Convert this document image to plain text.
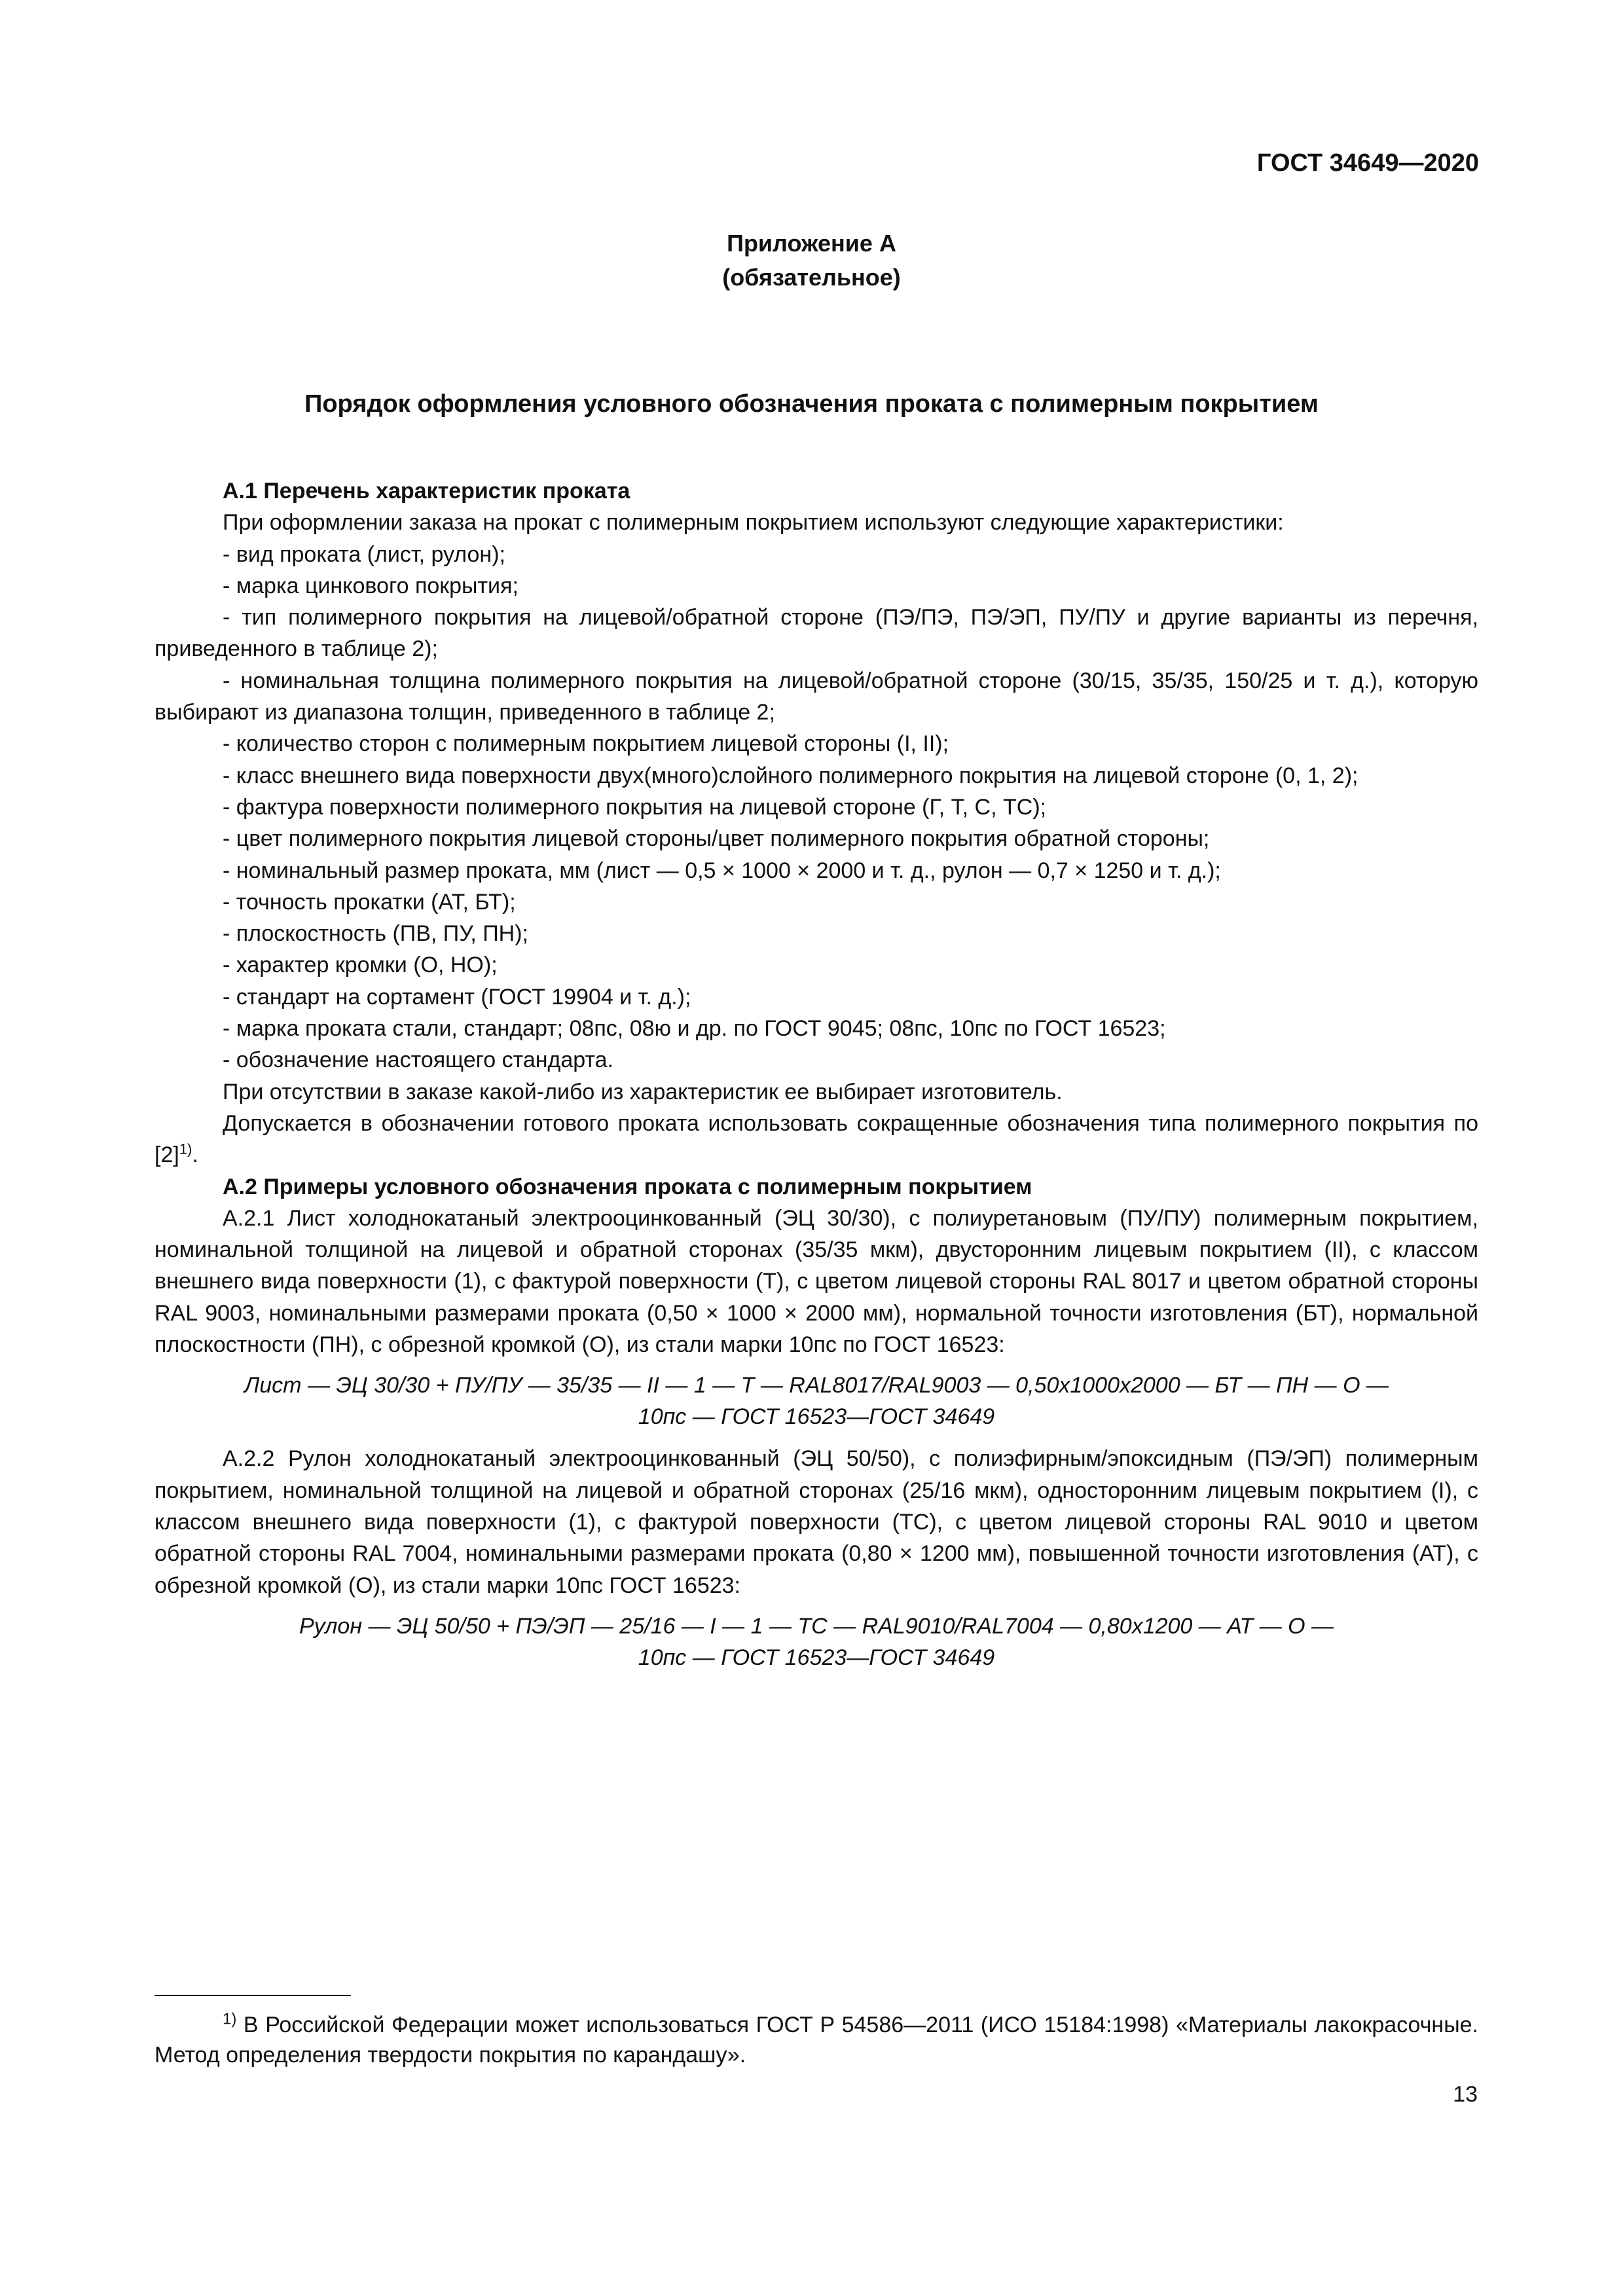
ГОСТ 34649—2020
Приложение А
(обязательное)
Порядок оформления условного обозначения проката с полимерным покрытием

А.1 Перечень характеристик проката

При оформлении заказа на прокат с полимерным покрытием используют следующие характеристики:

- вид проката (лист, рулон);

- марка цинкового покрытия;

- тип полимерного покрытия на лицевой/обратной стороне (ПЭ/ПЭ, ПЭ/ЭП, ПУ/ПУ и другие варианты из перечня, приведенного в таблице 2);

- номинальная толщина полимерного покрытия на лицевой/обратной стороне (30/15, 35/35, 150/25 и т. д.), которую выбирают из диапазона толщин, приведенного в таблице 2;

- количество сторон с полимерным покрытием лицевой стороны (I, II);

- класс внешнего вида поверхности двух(много)слойного полимерного покрытия на лицевой стороне (0, 1, 2);

- фактура поверхности полимерного покрытия на лицевой стороне (Г, Т, С, ТС);

- цвет полимерного покрытия лицевой стороны/цвет полимерного покрытия обратной стороны;

- номинальный размер проката, мм (лист — 0,5 × 1000 × 2000 и т. д., рулон — 0,7 × 1250 и т. д.);

- точность прокатки (АТ, БТ);

- плоскостность (ПВ, ПУ, ПН);

- характер кромки (О, НО);

- стандарт на сортамент (ГОСТ 19904 и т. д.);

- марка проката стали, стандарт; 08пс, 08ю и др. по ГОСТ 9045; 08пс, 10пс по ГОСТ 16523;

- обозначение настоящего стандарта.

При отсутствии в заказе какой-либо из характеристик ее выбирает изготовитель.

Допускается в обозначении готового проката использовать сокращенные обозначения типа полимерного покрытия по $[2]^{1)}$.

А.2 Примеры условного обозначения проката с полимерным покрытием

А.2.1 Лист холоднокатаный электрооцинкованный (ЭЦ 30/30), с полиуретановым (ПУ/ПУ) полимерным покрытием, номинальной толщиной на лицевой и обратной сторонах (35/35 мкм), двусторонним лицевым покрытием (II), с классом внешнего вида поверхности (1), с фактурой поверхности (Т), с цветом лицевой стороны RAL 8017 и цветом обратной стороны RAL 9003, номинальными размерами проката (0,50 × 1000 × 2000 мм), нормальной точности изготовления (БТ), нормальной плоскостности (ПН), с обрезной кромкой (О), из стали марки 10пс по ГОСТ 16523:

Лист — ЭЦ 30/30 + ПУ/ПУ — 35/35 — II — 1 — Т — RAL8017/RAL9003 — 0,50x1000x2000 — БТ — ПН — О —
10пс — ГОСТ 16523—ГОСТ 34649

А.2.2 Рулон холоднокатаный электрооцинкованный (ЭЦ 50/50), с полиэфирным/эпоксидным (ПЭ/ЭП) полимерным покрытием, номинальной толщиной на лицевой и обратной сторонах (25/16 мкм), односторонним лицевым покрытием (I), с классом внешнего вида поверхности (1), с фактурой поверхности (ТС), с цветом лицевой стороны RAL 9010 и цветом обратной стороны RAL 7004, номинальными размерами проката (0,80 × 1200 мм), повышенной точности изготовления (АТ), с обрезной кромкой (О), из стали марки 10пс ГОСТ 16523:

Рулон — ЭЦ 50/50 + ПЭ/ЭП — 25/16 — I — 1 — ТС — RAL9010/RAL7004 — 0,80x1200 — АТ — О —
10пс — ГОСТ 16523—ГОСТ 34649

$^{1)}$ В Российской Федерации может использоваться ГОСТ Р 54586—2011 (ИСО 15184:1998) «Материалы лакокрасочные. Метод определения твердости покрытия по карандашу».
13
